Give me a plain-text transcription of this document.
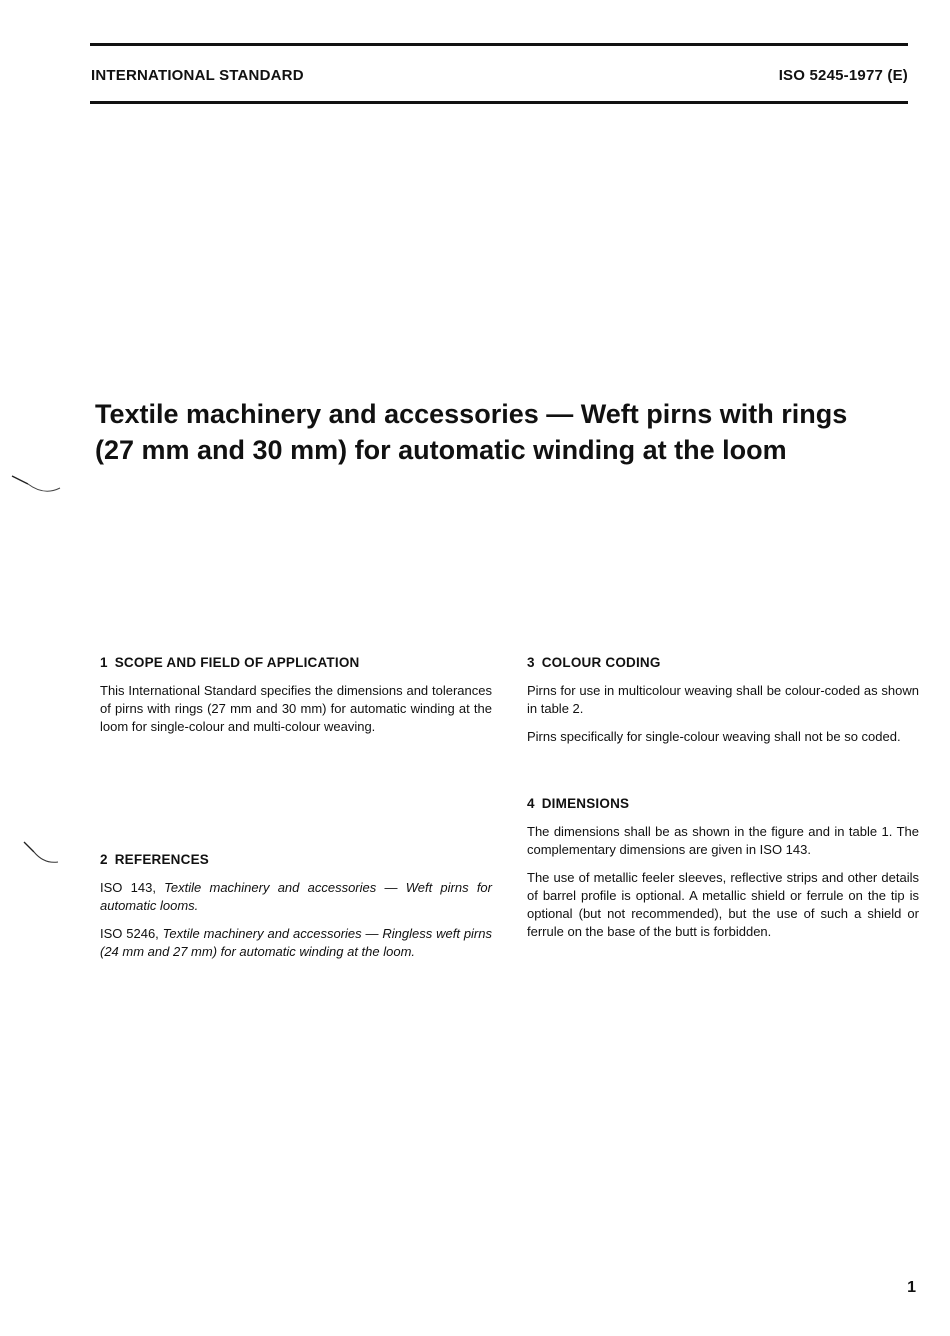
INTERNATIONAL STANDARD	ISO 5245-1977 (E)
Textile machinery and accessories — Weft pirns with rings
(27 mm and 30 mm) for automatic winding at the loom
1 SCOPE AND FIELD OF APPLICATION

This International Standard specifies the dimensions and tolerances of pirns with rings (27 mm and 30 mm) for automatic winding at the loom for single-colour and multi-colour weaving.

2 REFERENCES

ISO 143, Textile machinery and accessories — Weft pirns for automatic looms.

ISO 5246, Textile machinery and accessories — Ringless weft pirns (24 mm and 27 mm) for automatic winding at the loom.

3 COLOUR CODING

Pirns for use in multicolour weaving shall be colour-coded as shown in table 2.

Pirns specifically for single-colour weaving shall not be so coded.

4 DIMENSIONS

The dimensions shall be as shown in the figure and in table 1. The complementary dimensions are given in ISO 143.

The use of metallic feeler sleeves, reflective strips and other details of barrel profile is optional. A metallic shield or ferrule on the tip is optional (but not recommended), but the use of such a shield or ferrule on the base of the butt is forbidden.

1
